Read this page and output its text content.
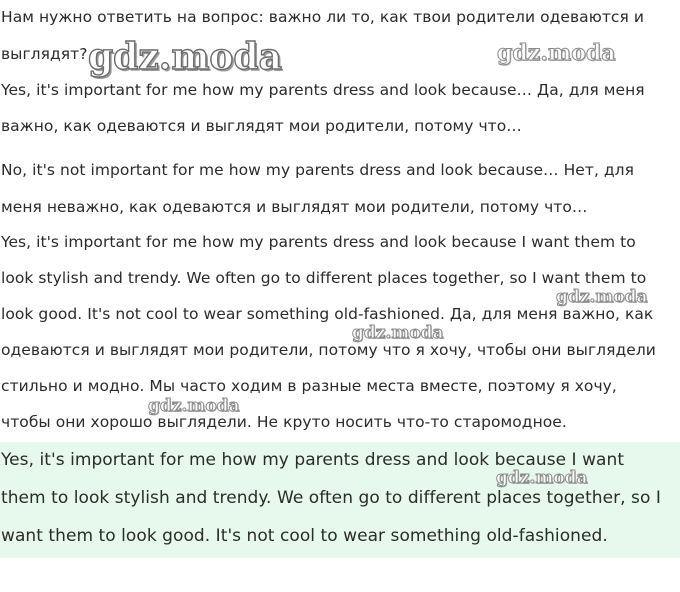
Нам нужно ответить на вопрос: важно ли то, как твои родители одеваются и
выглядят?
Yes, it's important for me how my parents dress and look because… Да, для меня
важно, как одеваются и выглядят мои родители, потому что…
No, it's not important for me how my parents dress and look because… Нет, для
меня неважно, как одеваются и выглядят мои родители, потому что…
Yes, it's important for me how my parents dress and look because I want them to
look stylish and trendy. We often go to different places together, so I want them to
look good. It's not cool to wear something old-fashioned. Да, для меня важно, как
одеваются и выглядят мои родители, потому что я хочу, чтобы они выглядели
стильно и модно. Мы часто ходим в разные места вместе, поэтому я хочу,
чтобы они хорошо выглядели. Не круто носить что-то старомодное.
Yes, it's important for me how my parents dress and look because I want
them to look stylish and trendy. We often go to different places together, so I
want them to look good. It's not cool to wear something old-fashioned.
gdz.moda	gdz.moda
gdz.moda
gdz.moda
gdz.moda
gdz.moda
